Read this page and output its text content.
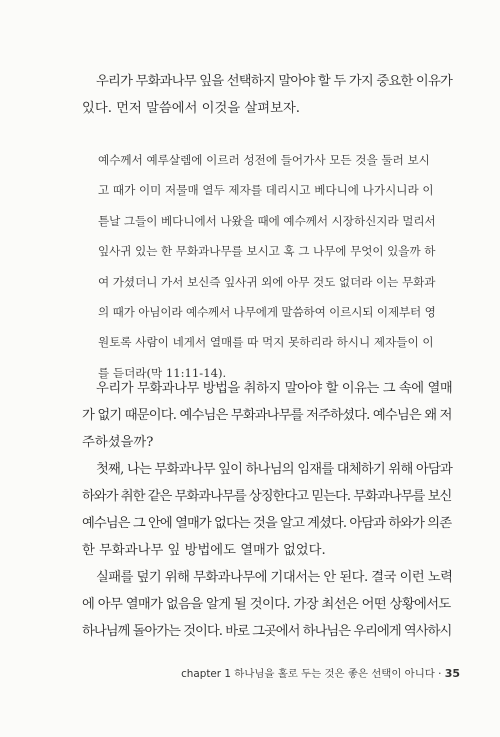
우리가 무화과나무 잎을 선택하지 말아야 할 두 가지 중요한 이유가
있다. 먼저 말씀에서 이것을 살펴보자.

예수께서 예루살렘에 이르러 성전에 들어가사 모든 것을 둘러 보시
고 때가 이미 저물매 열두 제자를 데리시고 베다니에 나가시니라 이
튿날 그들이 베다니에서 나왔을 때에 예수께서 시장하신지라 멀리서
잎사귀 있는 한 무화과나무를 보시고 혹 그 나무에 무엇이 있을까 하
여 가셨더니 가서 보신즉 잎사귀 외에 아무 것도 없더라 이는 무화과
의 때가 아님이라 예수께서 나무에게 말씀하여 이르시되 이제부터 영
원토록 사람이 네게서 열매를 따 먹지 못하리라 하시니 제자들이 이
를 듣더라(막 11:11-14).

우리가 무화과나무 방법을 취하지 말아야 할 이유는 그 속에 열매
가 없기 때문이다. 예수님은 무화과나무를 저주하셨다. 예수님은 왜 저
주하셨을까?

첫째, 나는 무화과나무 잎이 하나님의 임재를 대체하기 위해 아담과
하와가 취한 같은 무화과나무를 상징한다고 믿는다. 무화과나무를 보신
예수님은 그 안에 열매가 없다는 것을 알고 계셨다. 아담과 하와가 의존
한 무화과나무 잎 방법에도 열매가 없었다.

실패를 덮기 위해 무화과나무에 기대서는 안 된다. 결국 이런 노력
에 아무 열매가 없음을 알게 될 것이다. 가장 최선은 어떤 상황에서도
하나님께 돌아가는 것이다. 바로 그곳에서 하나님은 우리에게 역사하시

chapter 1 하나님을 홀로 두는 것은 좋은 선택이 아니다 · 35
